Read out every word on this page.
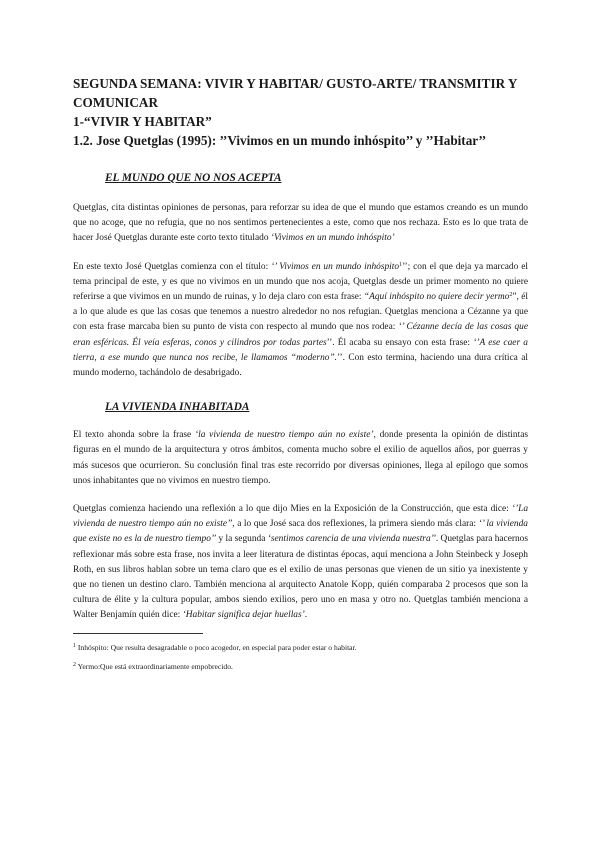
SEGUNDA SEMANA: VIVIR Y HABITAR/ GUSTO-ARTE/ TRANSMITIR Y COMUNICAR
1-“VIVIR Y HABITAR”
1.2. Jose Quetglas (1995): ’’Vivimos en un mundo inhóspito’’ y ’’Habitar’’
EL MUNDO QUE NO NOS ACEPTA

Quetglas, cita distintas opiniones de personas, para reforzar su idea de que el mundo que estamos creando es un mundo que no acoge, que no refugia, que no nos sentimos pertenecientes a este, como que nos rechaza. Esto es lo que trata de hacer José Quetglas durante este corto texto titulado ‘Vivimos en un mundo inhóspito’

En este texto José Quetglas comienza con el título: ‘’ Vivimos en un mundo inhóspito$^1$’’; con el que deja ya marcado el tema principal de este, y es que no vivimos en un mundo que nos acoja, Quetglas desde un primer momento no quiere referirse a que vivimos en un mundo de ruinas, y lo deja claro con esta frase: “Aquí inhóspito no quiere decir yermo$^2$”, él a lo que alude es que las cosas que tenemos a nuestro alrededor no nos refugian. Quetglas menciona a Cézanne ya que con esta frase marcaba bien su punto de vista con respecto al mundo que nos rodea: ‘’ Cézanne decía de las cosas que eran esféricas. Él veía esferas, conos y cilindros por todas partes’’. Él acaba su ensayo con esta frase: ‘’A ese caer a tierra, a ese mundo que nunca nos recibe, le llamamos “moderno”.’’. Con esto termina, haciendo una dura crítica al mundo moderno, tachándolo de desabrigado.

LA VIVIENDA INHABITADA

El texto ahonda sobre la frase ‘la vivienda de nuestro tiempo aún no existe’, donde presenta la opinión de distintas figuras en el mundo de la arquitectura y otros ámbitos, comenta mucho sobre el exilio de aquellos años, por guerras y más sucesos que ocurrieron. Su conclusión final tras este recorrido por diversas opiniones, llega al epílogo que somos unos inhabitantes que no vivimos en nuestro tiempo.

Quetglas comienza haciendo una reflexión a lo que dijo Mies en la Exposición de la Construcción, que esta dice: ‘’La vivienda de nuestro tiempo aún no existe’’, a lo que José saca dos reflexiones, la primera siendo más clara: ‘’ la vivienda que existe no es la de nuestro tiempo’’ y la segunda ‘sentimos carencia de una vivienda nuestra’’. Quetglas para hacernos reflexionar más sobre esta frase, nos invita a leer literatura de distintas épocas, aquí menciona a John Steinbeck y Joseph Roth, en sus libros hablan sobre un tema claro que es el exilio de unas personas que vienen de un sitio ya inexistente y que no tienen un destino claro. También menciona al arquitecto Anatole Kopp, quién comparaba 2 procesos que son la cultura de élite y la cultura popular, ambos siendo exilios, pero uno en masa y otro no. Quetglas también menciona a Walter Benjamín quién dice: ‘Habitar significa dejar huellas’.

$^1$ Inhóspito: Que resulta desagradable o poco acogedor, en especial para poder estar o habitar.

$^2$ Yermo:Que está extraordinariamente empobrecido.
